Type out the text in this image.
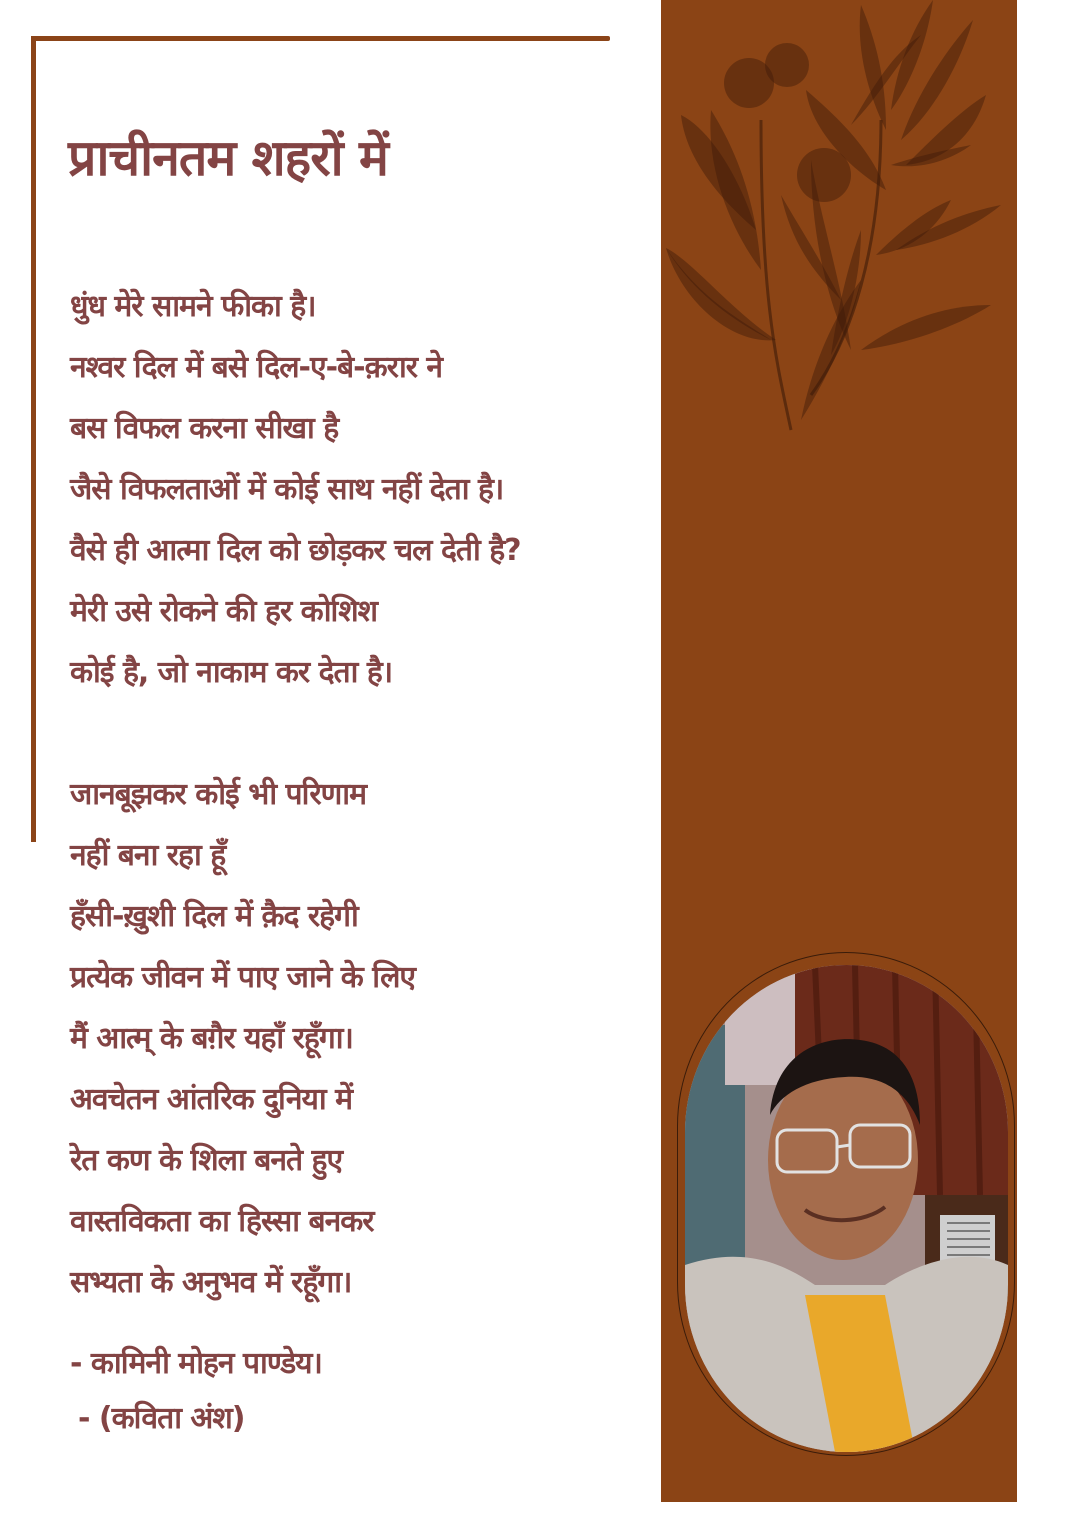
प्राचीनतम शहरों में
धुंध मेरे सामने फीका है।
नश्वर दिल में बसे दिल-ए-बे-क़रार ने
बस विफल करना सीखा है
जैसे विफलताओं में कोई साथ नहीं देता है।
वैसे ही आत्मा दिल को छोड़कर चल देती है?
मेरी उसे रोकने की हर कोशिश
कोई है, जो नाकाम कर देता है।
जानबूझकर कोई भी परिणाम
नहीं बना रहा हूँ
हँसी-ख़ुशी दिल में क़ैद रहेगी
प्रत्येक जीवन में पाए जाने के लिए
मैं आत्म् के बग़ैर यहाँ रहूँगा।
अवचेतन आंतरिक दुनिया में
रेत कण के शिला बनते हुए
वास्तविकता का हिस्सा बनकर
सभ्यता के अनुभव में रहूँगा।
- कामिनी मोहन पाण्डेय।
- (कविता अंश)
